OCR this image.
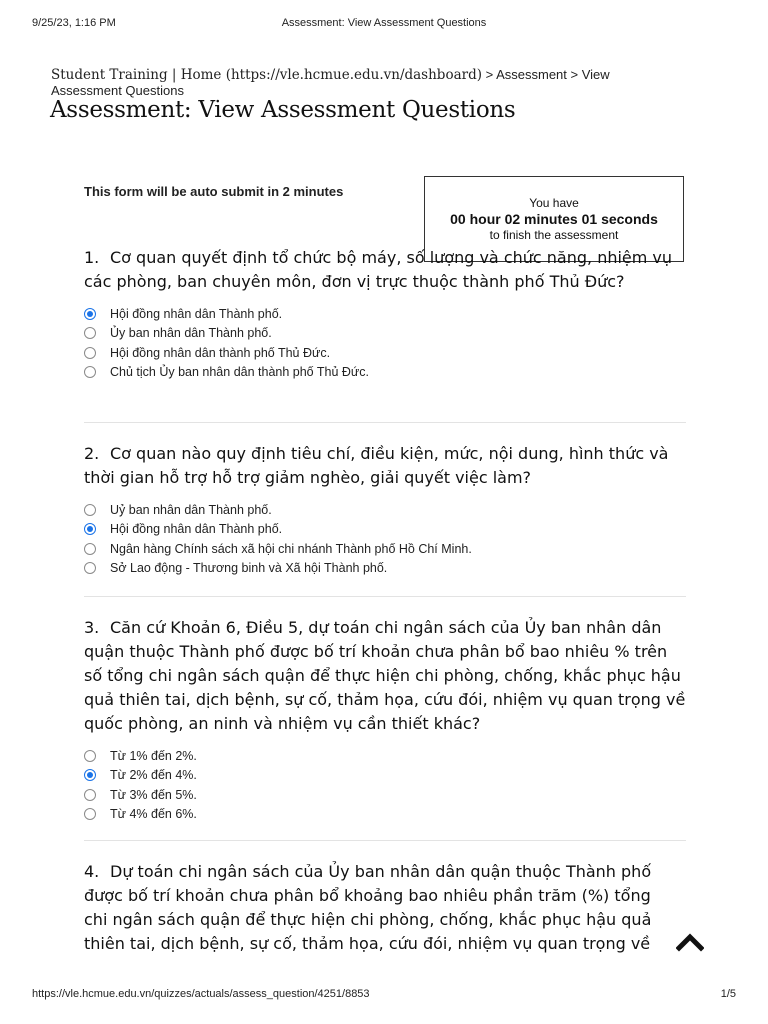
9/25/23, 1:16 PM	Assessment: View Assessment Questions
Student Training | Home (https://vle.hcmue.edu.vn/dashboard) > Assessment > View Assessment Questions
Assessment: View Assessment Questions
This form will be auto submit in 2 minutes
You have
00 hour 02 minutes 01 seconds
to finish the assessment

1. Cơ quan quyết định tổ chức bộ máy, số lượng và chức năng, nhiệm vụ các phòng, ban chuyên môn, đơn vị trực thuộc thành phố Thủ Đức?

Hội đồng nhân dân Thành phố.
Ủy ban nhân dân Thành phố.
Hội đồng nhân dân thành phố Thủ Đức.
Chủ tịch Ủy ban nhân dân thành phố Thủ Đức.

2. Cơ quan nào quy định tiêu chí, điều kiện, mức, nội dung, hình thức và thời gian hỗ trợ hỗ trợ giảm nghèo, giải quyết việc làm?

Uỷ ban nhân dân Thành phố.
Hội đồng nhân dân Thành phố.
Ngân hàng Chính sách xã hội chi nhánh Thành phố Hồ Chí Minh.
Sở Lao động - Thương binh và Xã hội Thành phố.

3. Căn cứ Khoản 6, Điều 5, dự toán chi ngân sách của Ủy ban nhân dân quận thuộc Thành phố được bố trí khoản chưa phân bổ bao nhiêu % trên số tổng chi ngân sách quận để thực hiện chi phòng, chống, khắc phục hậu quả thiên tai, dịch bệnh, sự cố, thảm họa, cứu đói, nhiệm vụ quan trọng về quốc phòng, an ninh và nhiệm vụ cần thiết khác?

Từ 1% đến 2%.
Từ 2% đến 4%.
Từ 3% đến 5%.
Từ 4% đến 6%.

4. Dự toán chi ngân sách của Ủy ban nhân dân quận thuộc Thành phố được bố trí khoản chưa phân bổ khoảng bao nhiêu phần trăm (%) tổng chi ngân sách quận để thực hiện chi phòng, chống, khắc phục hậu quả thiên tai, dịch bệnh, sự cố, thảm họa, cứu đói, nhiệm vụ quan trọng về

https://vle.hcmue.edu.vn/quizzes/actuals/assess_question/4251/8853	1/5
